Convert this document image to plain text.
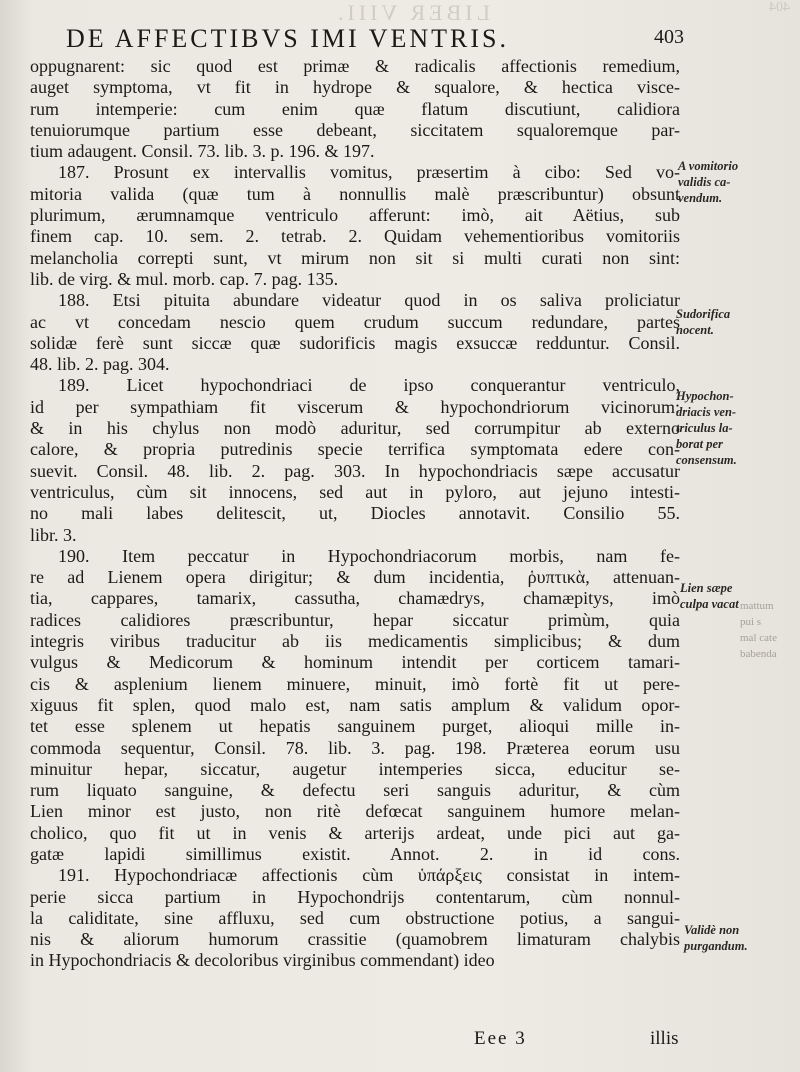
LIBER VIII.	404
DE AFFECTIBVS IMI VENTRIS.	403
oppugnarent: sic quod est primæ & radicalis affectionis remedium,
auget symptoma, vt fit in hydrope & squalore, & hectica visce-
rum intemperie: cum enim quæ flatum discutiunt, calidiora
tenuiorumque partium esse debeant, siccitatem squaloremque par-
tium adaugent. Consil. 73. lib. 3. p. 196. & 197.
187. Prosunt ex intervallis vomitus, præsertim à cibo: Sed vo-
mitoria valida (quæ tum à nonnullis malè præscribuntur) obsunt
plurimum, ærumnamque ventriculo afferunt: imò, ait Aëtius, sub
finem cap. 10. sem. 2. tetrab. 2. Quidam vehementioribus vomitoriis
melancholia correpti sunt, vt mirum non sit si multi curati non sint:
lib. de virg. & mul. morb. cap. 7. pag. 135.
188. Etsi pituita abundare videatur quod in os saliva proliciatur
ac vt concedam nescio quem crudum succum redundare, partes
solidæ ferè sunt siccæ quæ sudorificis magis exsuccæ redduntur. Consil.
48. lib. 2. pag. 304.
189. Licet hypochondriaci de ipso conquerantur ventriculo,
id per sympathiam fit viscerum & hypochondriorum vicinorum:
& in his chylus non modò aduritur, sed corrumpitur ab externo
calore, & propria putredinis specie terrifica symptomata edere con-
suevit. Consil. 48. lib. 2. pag. 303. In hypochondriacis sæpe accusatur
ventriculus, cùm sit innocens, sed aut in pyloro, aut jejuno intesti-
no mali labes delitescit, ut, Diocles annotavit. Consilio 55.
libr. 3.
190. Item peccatur in Hypochondriacorum morbis, nam fe-
re ad Lienem opera dirigitur; & dum incidentia, ῥυπτικὰ, attenuan-
tia, cappares, tamarix, cassutha, chamædrys, chamæpitys, imò
radices calidiores præscribuntur, hepar siccatur primùm, quia
integris viribus traducitur ab iis medicamentis simplicibus; & dum
vulgus & Medicorum & hominum intendit per corticem tamari-
cis & asplenium lienem minuere, minuit, imò fortè fit ut pere-
xiguus fit splen, quod malo est, nam satis amplum & validum opor-
tet esse splenem ut hepatis sanguinem purget, alioqui mille in-
commoda sequentur, Consil. 78. lib. 3. pag. 198. Præterea eorum usu
minuitur hepar, siccatur, augetur intemperies sicca, educitur se-
rum liquato sanguine, & defectu seri sanguis aduritur, & cùm
Lien minor est justo, non ritè defœcat sanguinem humore melan-
cholico, quo fit ut in venis & arterijs ardeat, unde pici aut ga-
gatæ lapidi simillimus existit. Annot. 2. in id cons.
191. Hypochondriacæ affectionis cùm ὑπάρξεις consistat in intem-
perie sicca partium in Hypochondrijs contentarum, cùm nonnul-
la caliditate, sine affluxu, sed cum obstructione potius, a sangui-
nis & aliorum humorum crassitie (quamobrem limaturam chalybis
in Hypochondriacis & decoloribus virginibus commendant) ideo
A vomitorio
validis ca-
vendum.
Sudorifica
nocent.
Hypochon-
driacis ven-
triculus la-
borat per
consensum.
Lien sæpe
culpa vacat
Validè non
purgandum.
mattum
pui s
mal cate
babenda
Eee 3	illis
